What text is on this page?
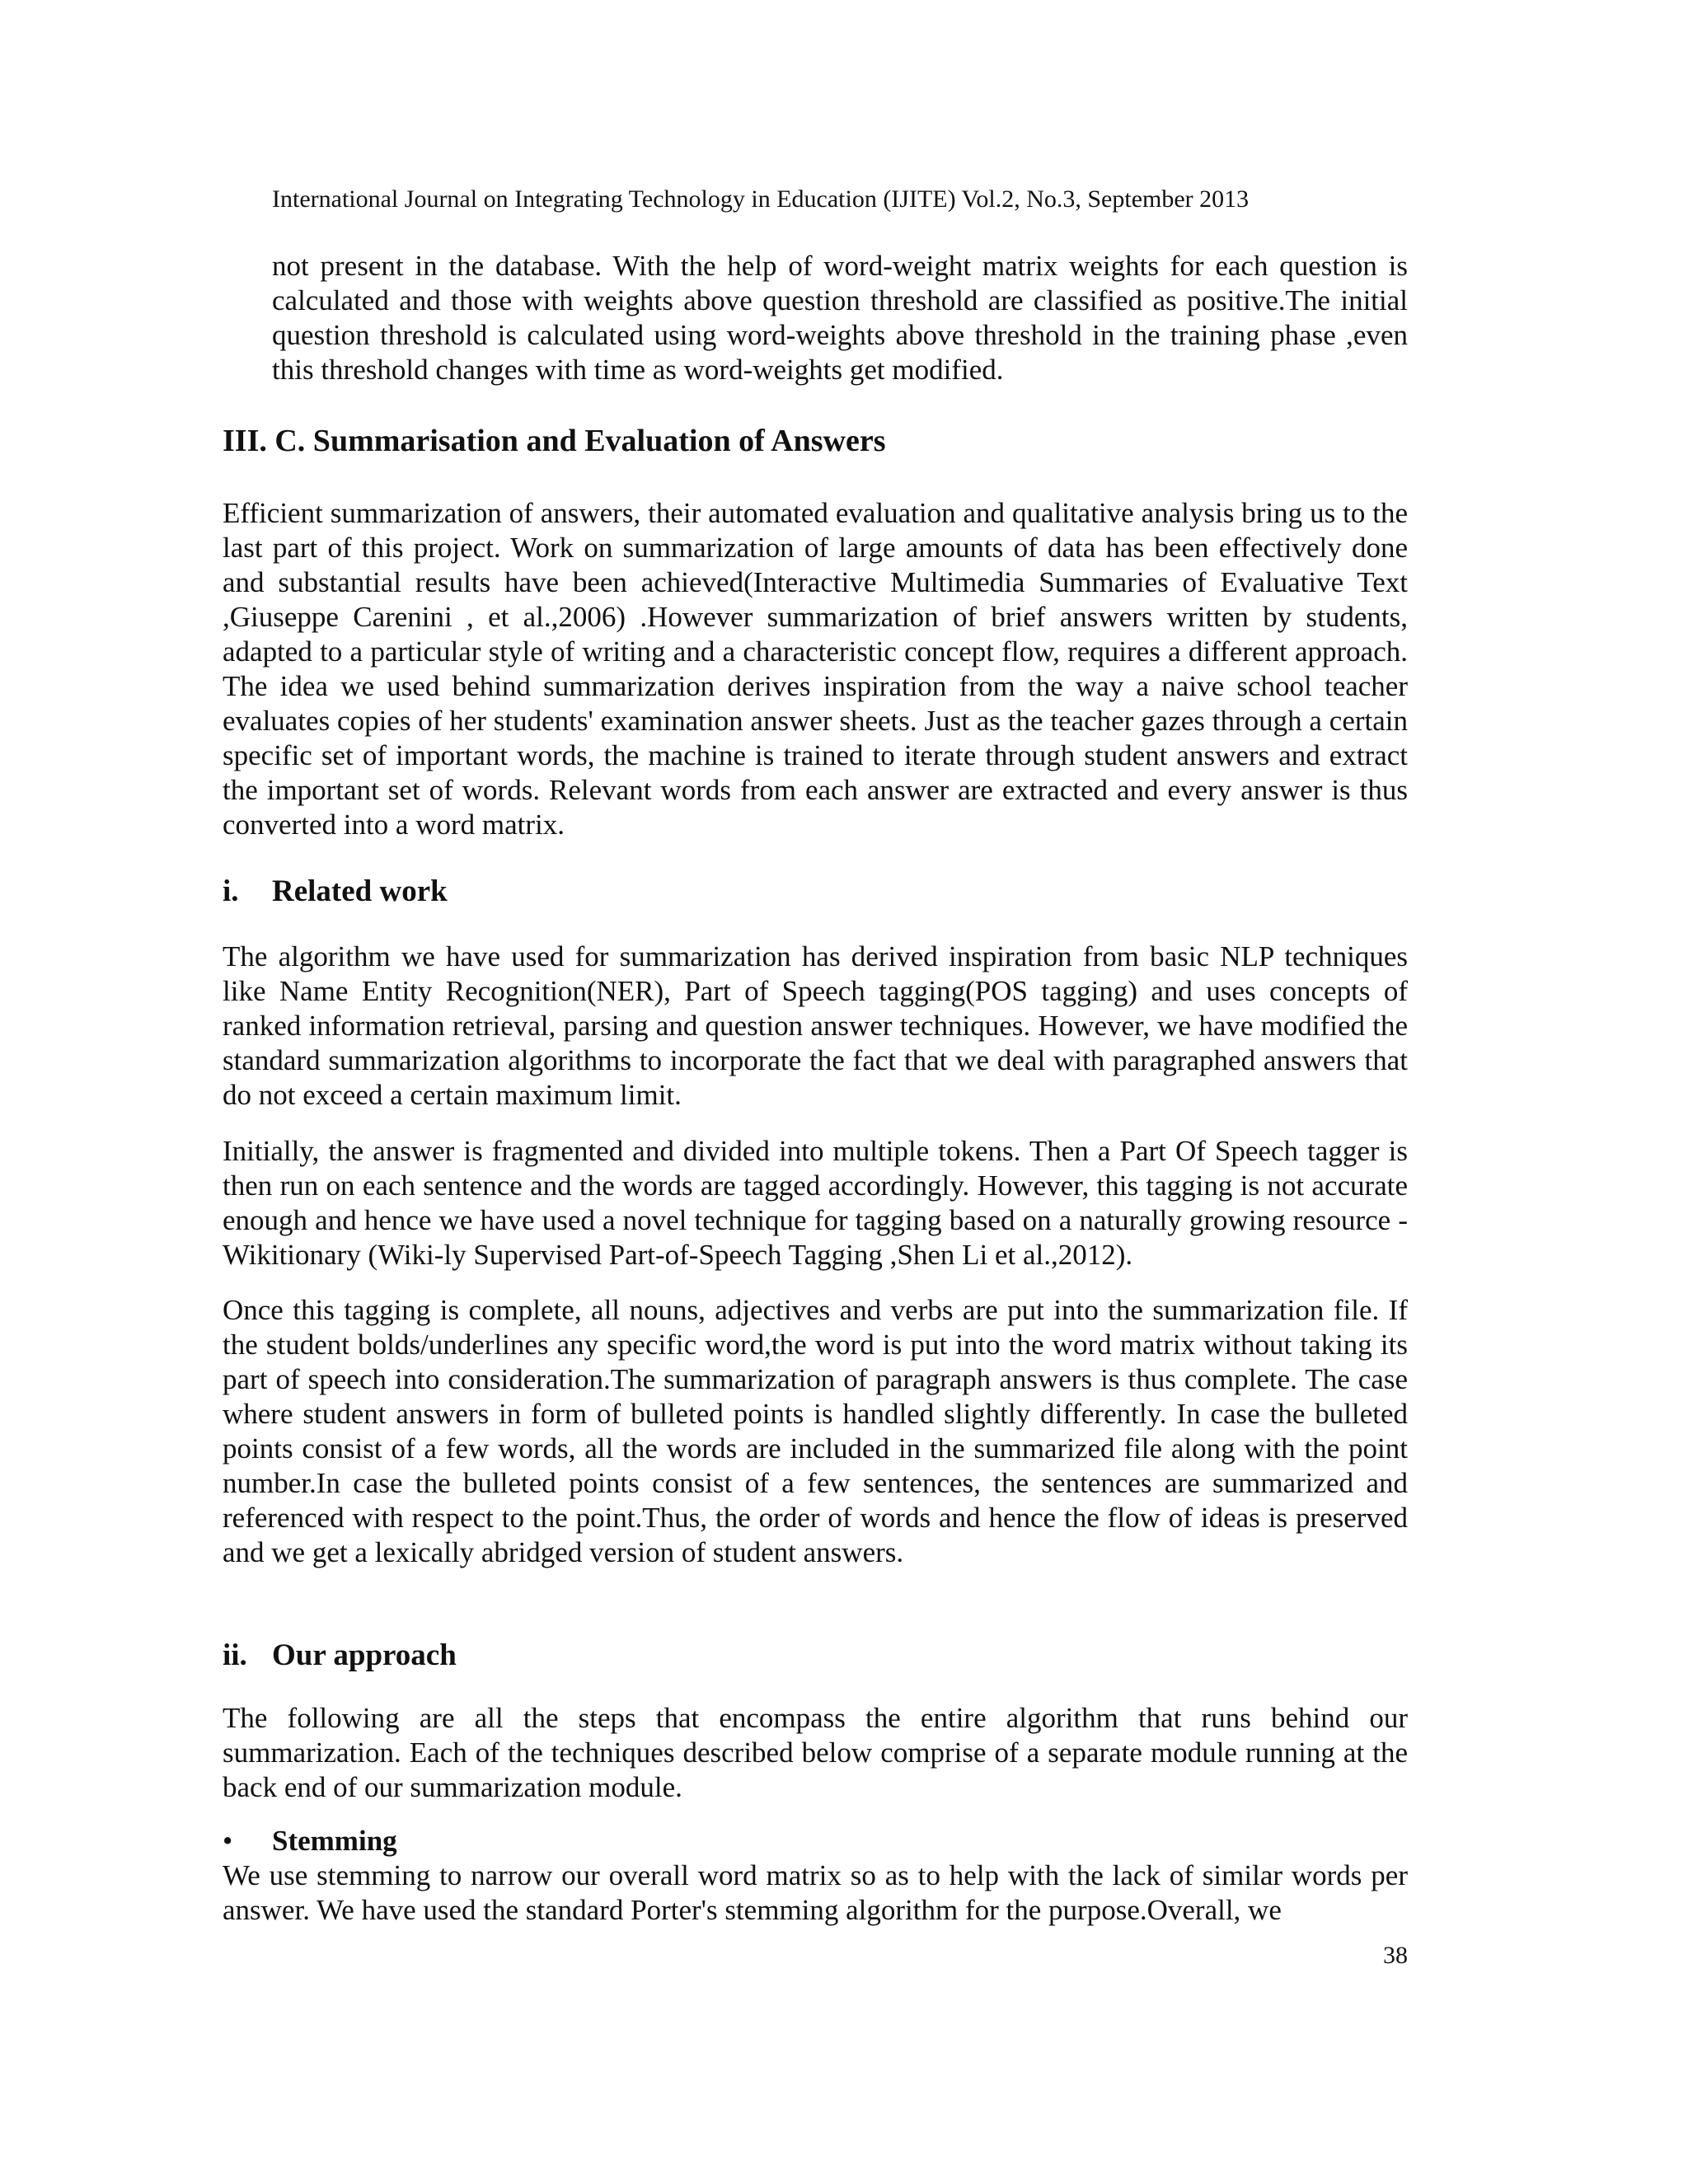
International Journal on Integrating Technology in Education (IJITE) Vol.2, No.3, September 2013
not present in the database. With the help of word-weight matrix weights for each question is calculated and those with weights above question threshold are classified as positive.The initial question threshold is calculated using word-weights above threshold in the training phase ,even this threshold changes with time as word-weights get modified.
III. C. Summarisation and Evaluation of Answers
Efficient summarization of answers, their automated evaluation and qualitative analysis bring us to the last part of this project. Work on summarization of large amounts of data has been effectively done and substantial results have been achieved(Interactive Multimedia Summaries of Evaluative Text ,Giuseppe Carenini , et al.,2006) .However summarization of brief answers written by students, adapted to a particular style of writing and a characteristic concept flow, requires a different approach. The idea we used behind summarization derives inspiration from the way a naive school teacher evaluates copies of her students' examination answer sheets. Just as the teacher gazes through a certain specific set of important words, the machine is trained to iterate through student answers and extract the important set of words. Relevant words from each answer are extracted and every answer is thus converted into a word matrix.
i. Related work
The algorithm we have used for summarization has derived inspiration from basic NLP techniques like Name Entity Recognition(NER), Part of Speech tagging(POS tagging) and uses concepts of ranked information retrieval, parsing and question answer techniques. However, we have modified the standard summarization algorithms to incorporate the fact that we deal with paragraphed answers that do not exceed a certain maximum limit.
Initially, the answer is fragmented and divided into multiple tokens. Then a Part Of Speech tagger is then run on each sentence and the words are tagged accordingly. However, this tagging is not accurate enough and hence we have used a novel technique for tagging based on a naturally growing resource -Wikitionary (Wiki-ly Supervised Part-of-Speech Tagging ,Shen Li et al.,2012).
Once this tagging is complete, all nouns, adjectives and verbs are put into the summarization file. If the student bolds/underlines any specific word,the word is put into the word matrix without taking its part of speech into consideration.The summarization of paragraph answers is thus complete. The case where student answers in form of bulleted points is handled slightly differently. In case the bulleted points consist of a few words, all the words are included in the summarized file along with the point number.In case the bulleted points consist of a few sentences, the sentences are summarized and referenced with respect to the point.Thus, the order of words and hence the flow of ideas is preserved and we get a lexically abridged version of student answers.
ii. Our approach
The following are all the steps that encompass the entire algorithm that runs behind our summarization. Each of the techniques described below comprise of a separate module running at the back end of our summarization module.
• Stemming
We use stemming to narrow our overall word matrix so as to help with the lack of similar words per answer. We have used the standard Porter's stemming algorithm for the purpose.Overall, we
38
